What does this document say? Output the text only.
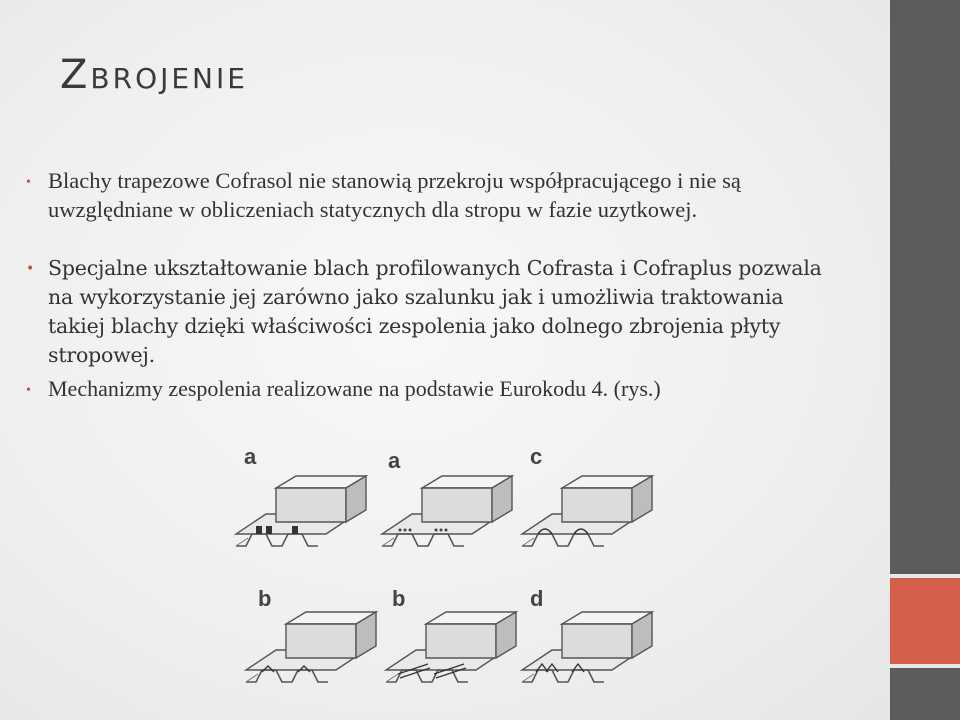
Zbrojenie
• Blachy trapezowe Cofrasol nie stanowią przekroju współpracującego i nie są uwzględniane w obliczeniach statycznych dla stropu w fazie uzytkowej.
• Specjalne ukształtowanie blach profilowanych Cofrasta i Cofraplus pozwala na wykorzystanie jej zarówno jako szalunku jak i umożliwia traktowania takiej blachy dzięki właściwości zespolenia jako dolnego zbrojenia płyty stropowej.
• Mechanizmy zespolenia realizowane na podstawie Eurokodu 4. (rys.)
a	a	c
b	b	d
